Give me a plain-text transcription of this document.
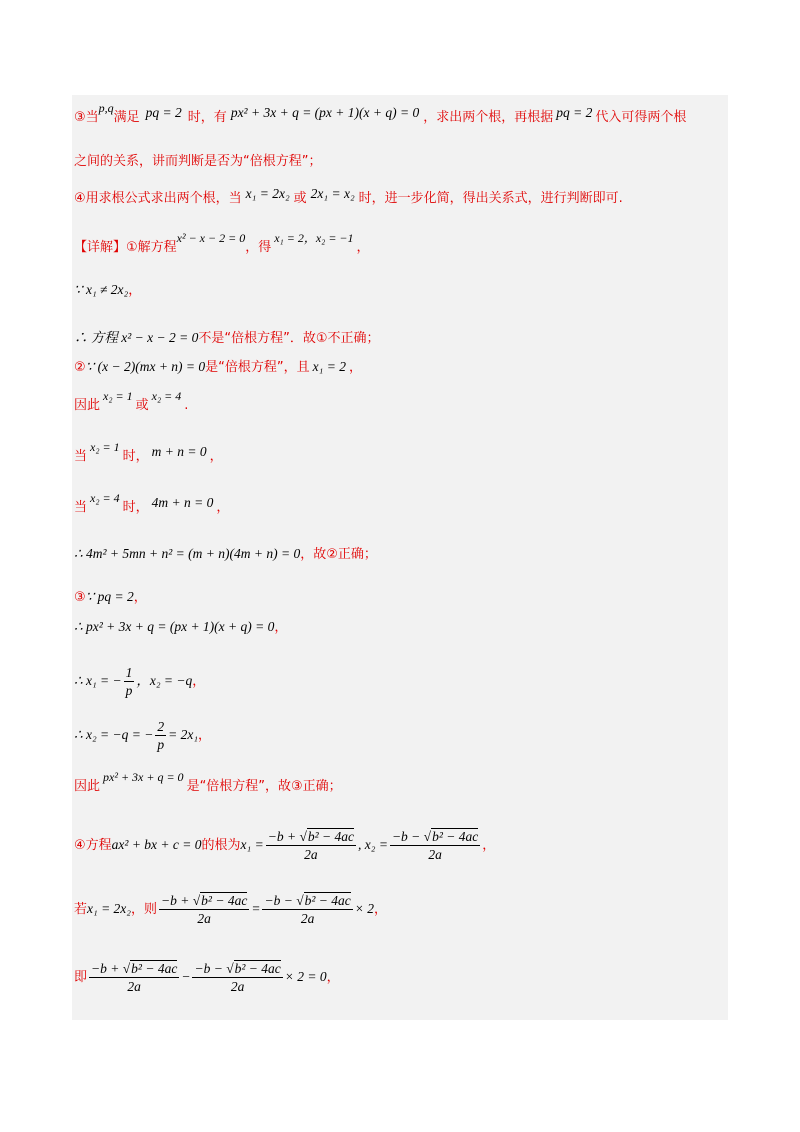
③当p,q满足 pq = 2 时，有 px² + 3x + q = (px + 1)(x + q) = 0 ，求出两个根，再根据 pq = 2 代入可得两个根
之间的关系，讲而判断是否为“倍根方程”；
④用求根公式求出两个根，当 x₁ = 2x₂ 或 2x₁ = x₂ 时，进一步化简，得出关系式，进行判断即可.
【详解】①解方程x² − x − 2 = 0，得x₁ = 2，x₂ = −1，
∵ x₁ ≠ 2x₂，
∴ 方程 x² − x − 2 = 0不是“倍根方程”．故①不正确；
②∵ (x − 2)(mx + n) = 0是“倍根方程”，且 x₁ = 2 ，
因此x₂ = 1或x₂ = 4.
当x₂ = 1时， m + n = 0 ，
当x₂ = 4时， 4m + n = 0 ，
∴ 4m² + 5mn + n² = (m + n)(4m + n) = 0，故②正确；
③∵ pq = 2，
∴ px² + 3x + q = (px + 1)(x + q) = 0，
∴ x₁ = − $\frac{1}{p}$ ，x₂ = −q，
∴ x₂ = −q = − $\frac{2}{p} = 2x_1$，
因此px² + 3x + q = 0是“倍根方程”，故③正确；
④方程ax² + bx + c = 0的根为$x_1 = \frac{\text{−b + √b² − 4ac}}{2a}$ , $x_2 = \frac{\text{−b − √b² − 4ac}}{2a}$ ，
若x₁ = 2x₂，则 $\frac{\text{−b + √b² − 4ac}}{2a} = \frac{\text{−b − √b² − 4ac}}{2a} \times 2$，
即 $\frac{\text{−b + √b² − 4ac}}{2a} - \frac{\text{−b − √b² − 4ac}}{2a} \times 2 = 0$，
